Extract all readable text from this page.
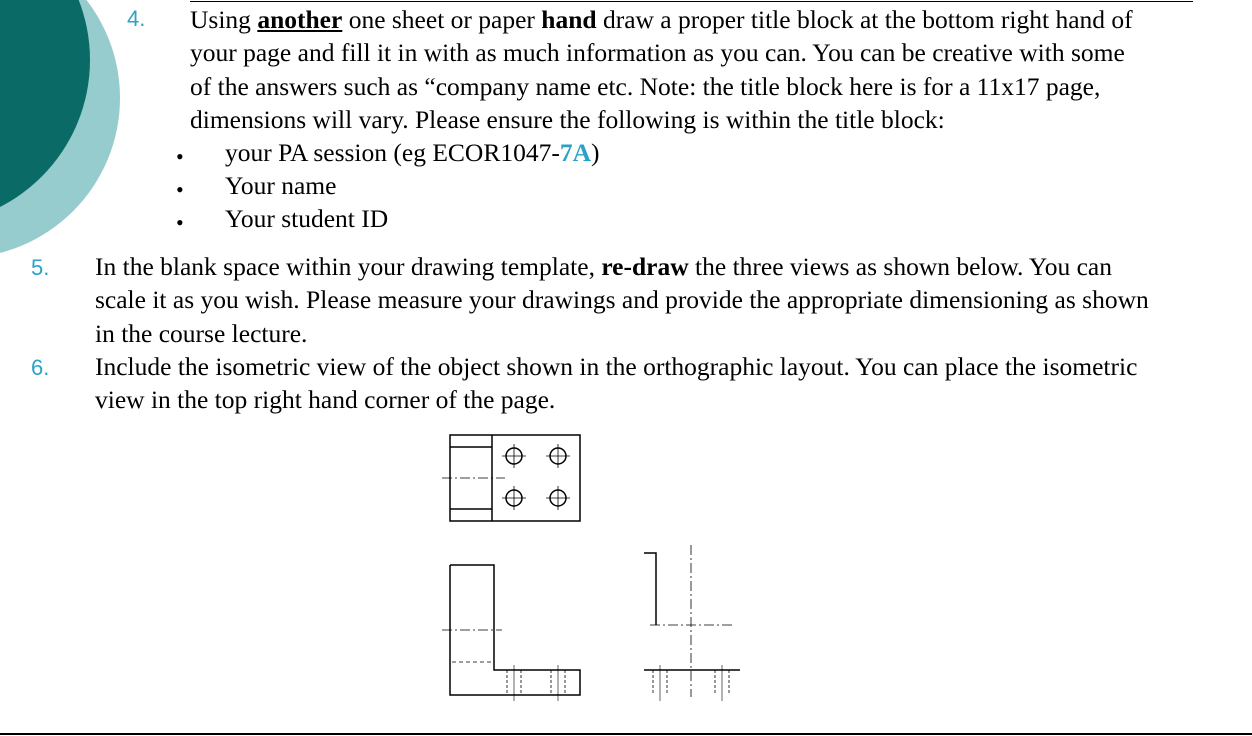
4. Using another one sheet or paper hand draw a proper title block at the bottom right hand of
your page and fill it in with as much information as you can. You can be creative with some
of the answers such as “company name etc. Note: the title block here is for a 11x17 page,
dimensions will vary. Please ensure the following is within the title block:
• your PA session (eg ECOR1047-7A)
• Your name
• Your student ID
5. In the blank space within your drawing template, re-draw the three views as shown below. You can
scale it as you wish. Please measure your drawings and provide the appropriate dimensioning as shown
in the course lecture.
6. Include the isometric view of the object shown in the orthographic layout. You can place the isometric
view in the top right hand corner of the page.
